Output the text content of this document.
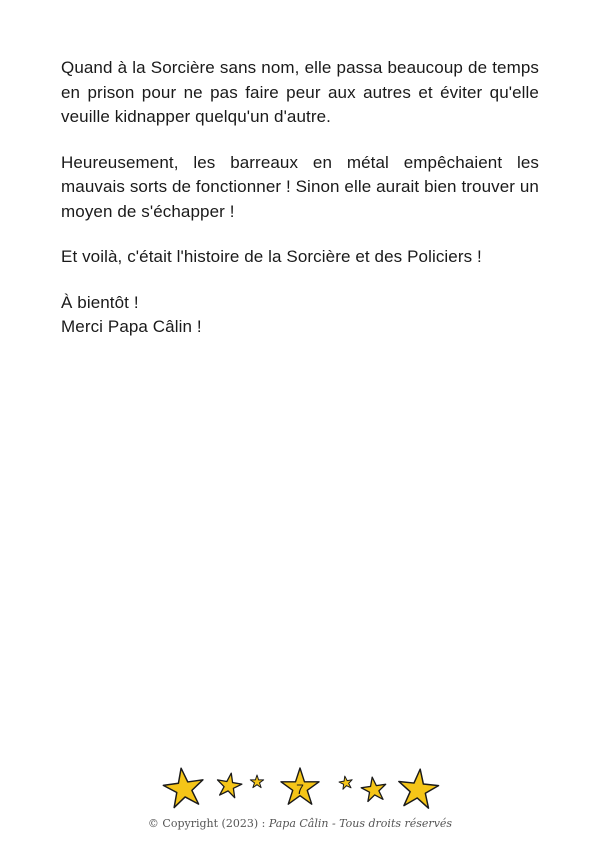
Quand à la Sorcière sans nom, elle passa beaucoup de temps en prison pour ne pas faire peur aux autres et éviter qu'elle veuille kidnapper quelqu'un d'autre.

Heureusement, les barreaux en métal empêchaient les mauvais sorts de fonctionner ! Sinon elle aurait bien trouver un moyen de s'échapper !

Et voilà, c'était l'histoire de la Sorcière et des Policiers !

À bientôt !
Merci Papa Câlin !

7
© Copyright (2023) : Papa Câlin - Tous droits réservés
